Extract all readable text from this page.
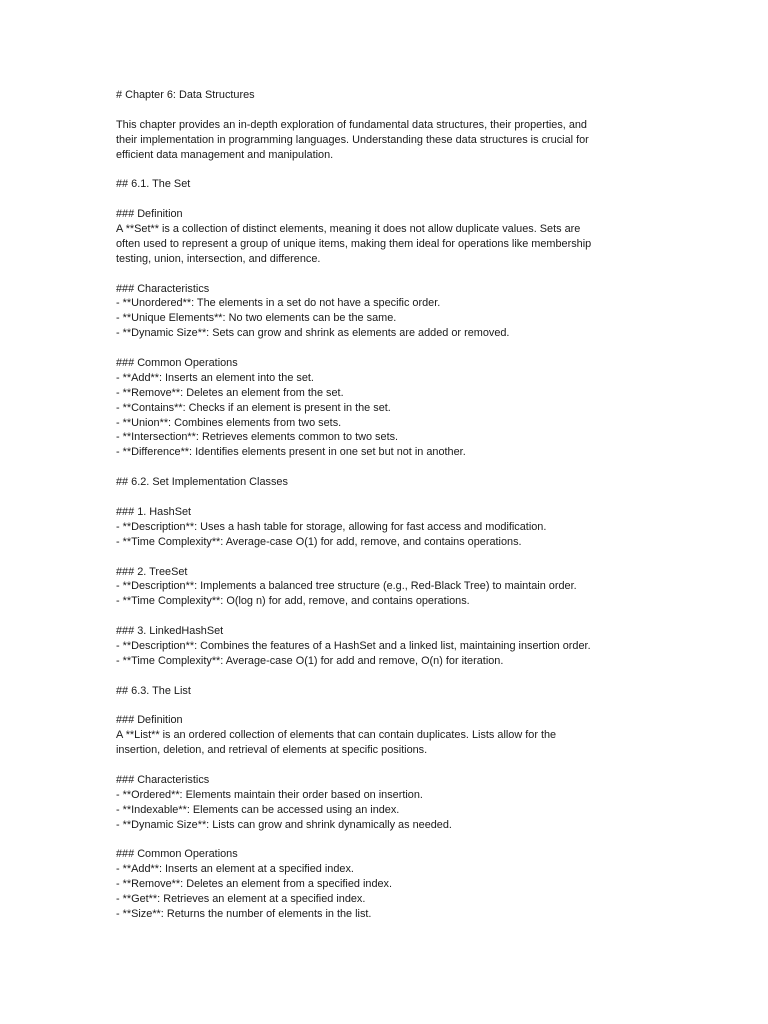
# Chapter 6: Data Structures
This chapter provides an in-depth exploration of fundamental data structures, their properties, and
their implementation in programming languages. Understanding these data structures is crucial for
efficient data management and manipulation.
## 6.1. The Set
### Definition
A **Set** is a collection of distinct elements, meaning it does not allow duplicate values. Sets are
often used to represent a group of unique items, making them ideal for operations like membership
testing, union, intersection, and difference.
### Characteristics
- **Unordered**: The elements in a set do not have a specific order.
- **Unique Elements**: No two elements can be the same.
- **Dynamic Size**: Sets can grow and shrink as elements are added or removed.
### Common Operations
- **Add**: Inserts an element into the set.
- **Remove**: Deletes an element from the set.
- **Contains**: Checks if an element is present in the set.
- **Union**: Combines elements from two sets.
- **Intersection**: Retrieves elements common to two sets.
- **Difference**: Identifies elements present in one set but not in another.
## 6.2. Set Implementation Classes
### 1. HashSet
- **Description**: Uses a hash table for storage, allowing for fast access and modification.
- **Time Complexity**: Average-case O(1) for add, remove, and contains operations.
### 2. TreeSet
- **Description**: Implements a balanced tree structure (e.g., Red-Black Tree) to maintain order.
- **Time Complexity**: O(log n) for add, remove, and contains operations.
### 3. LinkedHashSet
- **Description**: Combines the features of a HashSet and a linked list, maintaining insertion order.
- **Time Complexity**: Average-case O(1) for add and remove, O(n) for iteration.
## 6.3. The List
### Definition
A **List** is an ordered collection of elements that can contain duplicates. Lists allow for the
insertion, deletion, and retrieval of elements at specific positions.
### Characteristics
- **Ordered**: Elements maintain their order based on insertion.
- **Indexable**: Elements can be accessed using an index.
- **Dynamic Size**: Lists can grow and shrink dynamically as needed.
### Common Operations
- **Add**: Inserts an element at a specified index.
- **Remove**: Deletes an element from a specified index.
- **Get**: Retrieves an element at a specified index.
- **Size**: Returns the number of elements in the list.
